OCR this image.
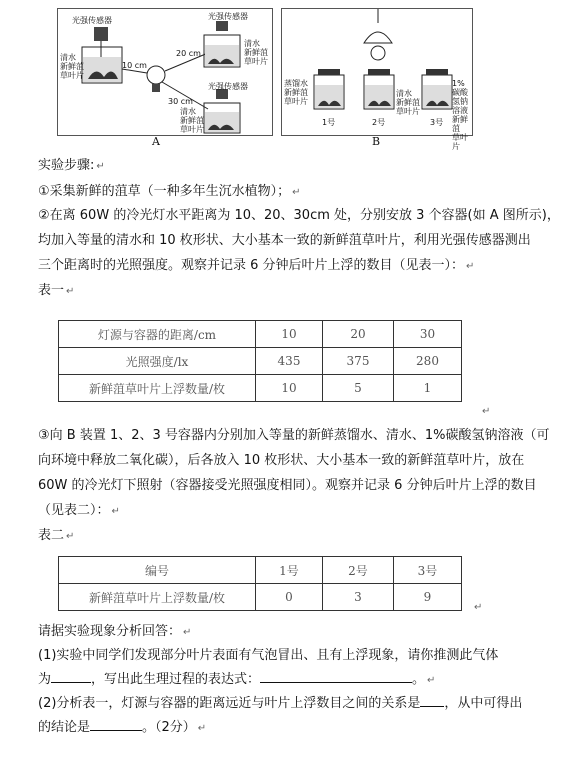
光强传感器	光强传感器
光强传感器
清水
新鲜菹
草叶片
清水
新鲜菹
草叶片
清水
新鲜菹
草叶片
10 cm
20 cm
30 cm
A
蒸馏水
新鲜菹
草叶片
清水
新鲜菹
草叶片
1%碳酸
氢钠溶液
新鲜菹
草叶片
1号	2号	3号
B
实验步骤: ↵
①采集新鲜的菹草（一种多年生沉水植物）； ↵
②在离 60W 的冷光灯水平距离为 10、20、30cm 处，分别安放 3 个容器(如 A 图所示)，
均加入等量的清水和 10 枚形状、大小基本一致的新鲜菹草叶片，利用光强传感器测出
三个距离时的光照强度。观察并记录 6 分钟后叶片上浮的数目（见表一）： ↵
表一 ↵
灯源与容器的距离/cm	10	20	30
光照强度/lx	435	375	280
新鲜菹草叶片上浮数量/枚	10	5	1
↵
③向 B 装置 1、2、3 号容器内分别加入等量的新鲜蒸馏水、清水、1%碳酸氢钠溶液（可
向环境中释放二氧化碳），后各放入 10 枚形状、大小基本一致的新鲜菹草叶片，放在
60W 的冷光灯下照射（容器接受光照强度相同）。观察并记录 6 分钟后叶片上浮的数目
（见表二）： ↵
表二 ↵
编号	1号	2号	3号
新鲜菹草叶片上浮数量/枚	0	3	9
↵
请据实验现象分析回答： ↵
(1)实验中同学们发现部分叶片表面有气泡冒出、且有上浮现象，请你推测此气体
为	，写出此生理过程的表达式：	。 ↵
(2)分析表一，灯源与容器的距离远近与叶片上浮数目之间的关系是 ，从中可得出
的结论是	。（2分） ↵
